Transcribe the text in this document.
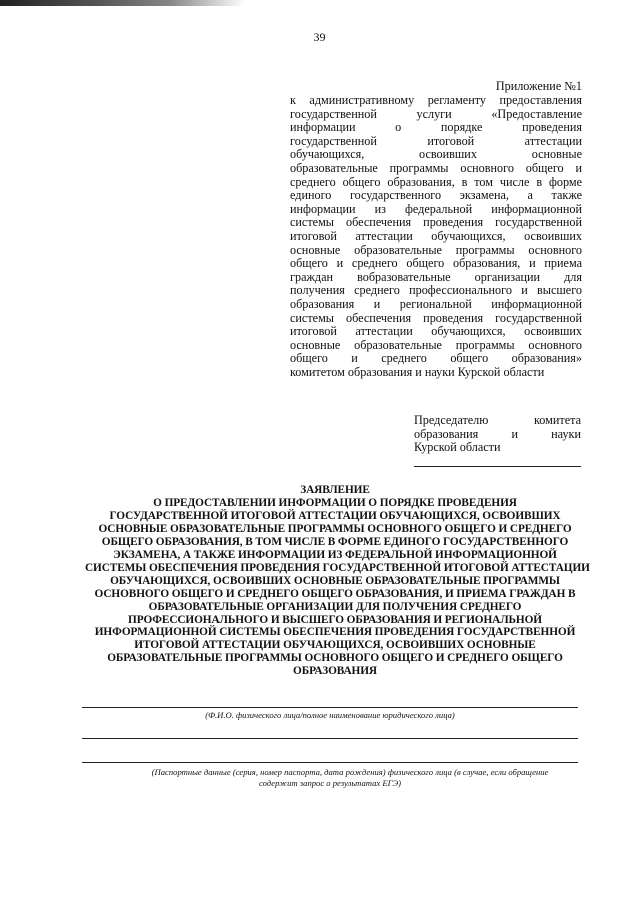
39
Приложение №1
к административному регламенту предоставления
государственной услуги «Предоставление
информации о порядке проведения
государственной итоговой аттестации
обучающихся, освоивших основные
образовательные программы основного общего и
среднего общего образования, в том числе в форме
единого государственного экзамена, а также
информации из федеральной информационной
системы обеспечения проведения государственной
итоговой аттестации обучающихся, освоивших
основные образовательные программы основного
общего и среднего общего образования, и приема
граждан вобразовательные организации для
получения среднего профессионального и высшего
образования и региональной информационной
системы обеспечения проведения государственной
итоговой аттестации обучающихся, освоивших
основные образовательные программы основного
общего и среднего общего образования»
комитетом образования и науки Курской области
Председателю комитета
образования и науки
Курской области
ЗАЯВЛЕНИЕ
О ПРЕДОСТАВЛЕНИИ ИНФОРМАЦИИ О ПОРЯДКЕ ПРОВЕДЕНИЯ
ГОСУДАРСТВЕННОЙ ИТОГОВОЙ АТТЕСТАЦИИ ОБУЧАЮЩИХСЯ, ОСВОИВШИХ
ОСНОВНЫЕ ОБРАЗОВАТЕЛЬНЫЕ ПРОГРАММЫ ОСНОВНОГО ОБЩЕГО И СРЕДНЕГО
ОБЩЕГО ОБРАЗОВАНИЯ, В ТОМ ЧИСЛЕ В ФОРМЕ ЕДИНОГО ГОСУДАРСТВЕННОГО
ЭКЗАМЕНА, А ТАКЖЕ ИНФОРМАЦИИ ИЗ ФЕДЕРАЛЬНОЙ ИНФОРМАЦИОННОЙ
СИСТЕМЫ ОБЕСПЕЧЕНИЯ ПРОВЕДЕНИЯ ГОСУДАРСТВЕННОЙ ИТОГОВОЙ АТТЕСТАЦИИ
ОБУЧАЮЩИХСЯ, ОСВОИВШИХ ОСНОВНЫЕ ОБРАЗОВАТЕЛЬНЫЕ ПРОГРАММЫ
ОСНОВНОГО ОБЩЕГО И СРЕДНЕГО ОБЩЕГО ОБРАЗОВАНИЯ, И ПРИЕМА ГРАЖДАН В
ОБРАЗОВАТЕЛЬНЫЕ ОРГАНИЗАЦИИ ДЛЯ ПОЛУЧЕНИЯ СРЕДНЕГО
ПРОФЕССИОНАЛЬНОГО И ВЫСШЕГО ОБРАЗОВАНИЯ И РЕГИОНАЛЬНОЙ
ИНФОРМАЦИОННОЙ СИСТЕМЫ ОБЕСПЕЧЕНИЯ ПРОВЕДЕНИЯ ГОСУДАРСТВЕННОЙ
ИТОГОВОЙ АТТЕСТАЦИИ ОБУЧАЮЩИХСЯ, ОСВОИВШИХ ОСНОВНЫЕ
ОБРАЗОВАТЕЛЬНЫЕ ПРОГРАММЫ ОСНОВНОГО ОБЩЕГО И СРЕДНЕГО ОБЩЕГО
ОБРАЗОВАНИЯ
(Ф.И.О. физического лица/полное наименование юридического лица)
(Паспортные данные (серия, номер паспорта, дата рождения) физического лица (в случае, если обращение
содержит запрос о результатах ЕГЭ)
